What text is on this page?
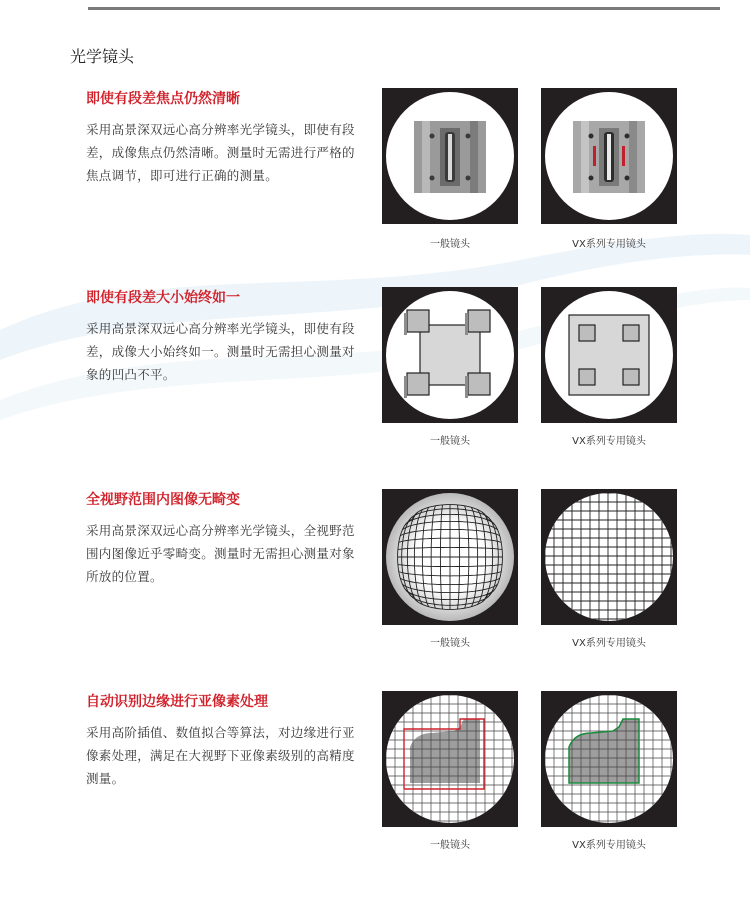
光学镜头
即使有段差焦点仍然清晰
采用高景深双远心高分辨率光学镜头，即使有段差，成像焦点仍然清晰。测量时无需进行严格的焦点调节，即可进行正确的测量。
一般镜头	VX系列专用镜头
即使有段差大小始终如一
采用高景深双远心高分辨率光学镜头，即使有段差，成像大小始终如一。测量时无需担心测量对象的凹凸不平。
一般镜头	VX系列专用镜头
全视野范围内图像无畸变
采用高景深双远心高分辨率光学镜头，全视野范围内图像近乎零畸变。测量时无需担心测量对象所放的位置。
一般镜头	VX系列专用镜头
自动识别边缘进行亚像素处理
采用高阶插值、数值拟合等算法，对边缘进行亚像素处理，满足在大视野下亚像素级别的高精度测量。
一般镜头	VX系列专用镜头
